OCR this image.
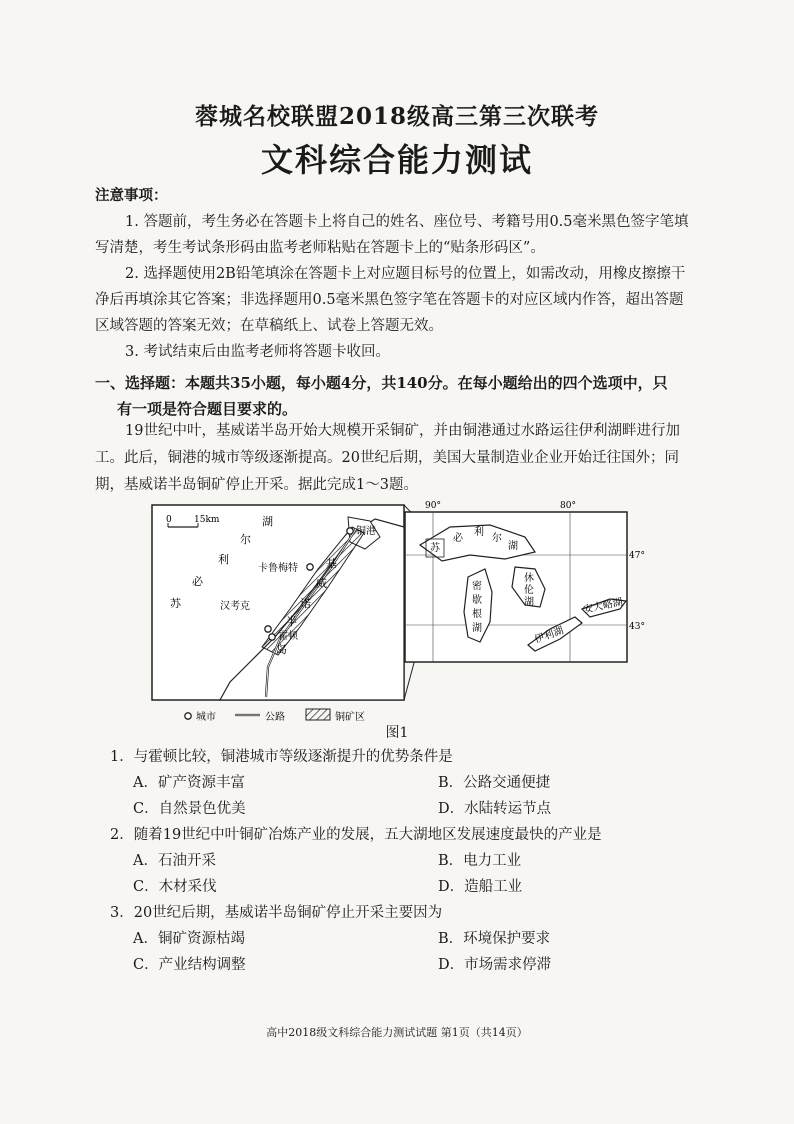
蓉城名校联盟2018级高三第三次联考
文科综合能力测试
注意事项：
1. 答题前，考生务必在答题卡上将自己的姓名、座位号、考籍号用0.5毫米黑色签字笔填写清楚，考生考试条形码由监考老师粘贴在答题卡上的“贴条形码区”。
2. 选择题使用2B铅笔填涂在答题卡上对应题目标号的位置上，如需改动，用橡皮擦擦干净后再填涂其它答案；非选择题用0.5毫米黑色签字笔在答题卡的对应区域内作答，超出答题区域答题的答案无效；在草稿纸上、试卷上答题无效。
3. 考试结束后由监考老师将答题卡收回。
一、选择题：本题共35小题，每小题4分，共140分。在每小题给出的四个选项中，只
有一项是符合题目要求的。
19世纪中叶，基威诺半岛开始大规模开采铜矿，并由铜港通过水路运往伊利湖畔进行加工。此后，铜港的城市等级逐渐提高。20世纪后期，美国大量制造业企业开始迁往国外；同期，基威诺半岛铜矿停止开采。据此完成1～3题。
0 15km
苏
必
利
尔
湖
铜港
卡鲁梅特
汉考克
霍顿
基
威
诺
半
岛
90°	80°
47°
43°
苏
必
利
尔
湖
密
歇
根
湖
休
伦
湖
伊利湖
安大略湖
城市	公路	铜矿区
图1
1．与霍顿比较，铜港城市等级逐渐提升的优势条件是
A．矿产资源丰富	B．公路交通便捷
C．自然景色优美	D．水陆转运节点
2．随着19世纪中叶铜矿冶炼产业的发展，五大湖地区发展速度最快的产业是
A．石油开采	B．电力工业
C．木材采伐	D．造船工业
3．20世纪后期，基威诺半岛铜矿停止开采主要因为
A．铜矿资源枯竭	B．环境保护要求
C．产业结构调整	D．市场需求停滞
高中2018级文科综合能力测试试题 第1页（共14页）
